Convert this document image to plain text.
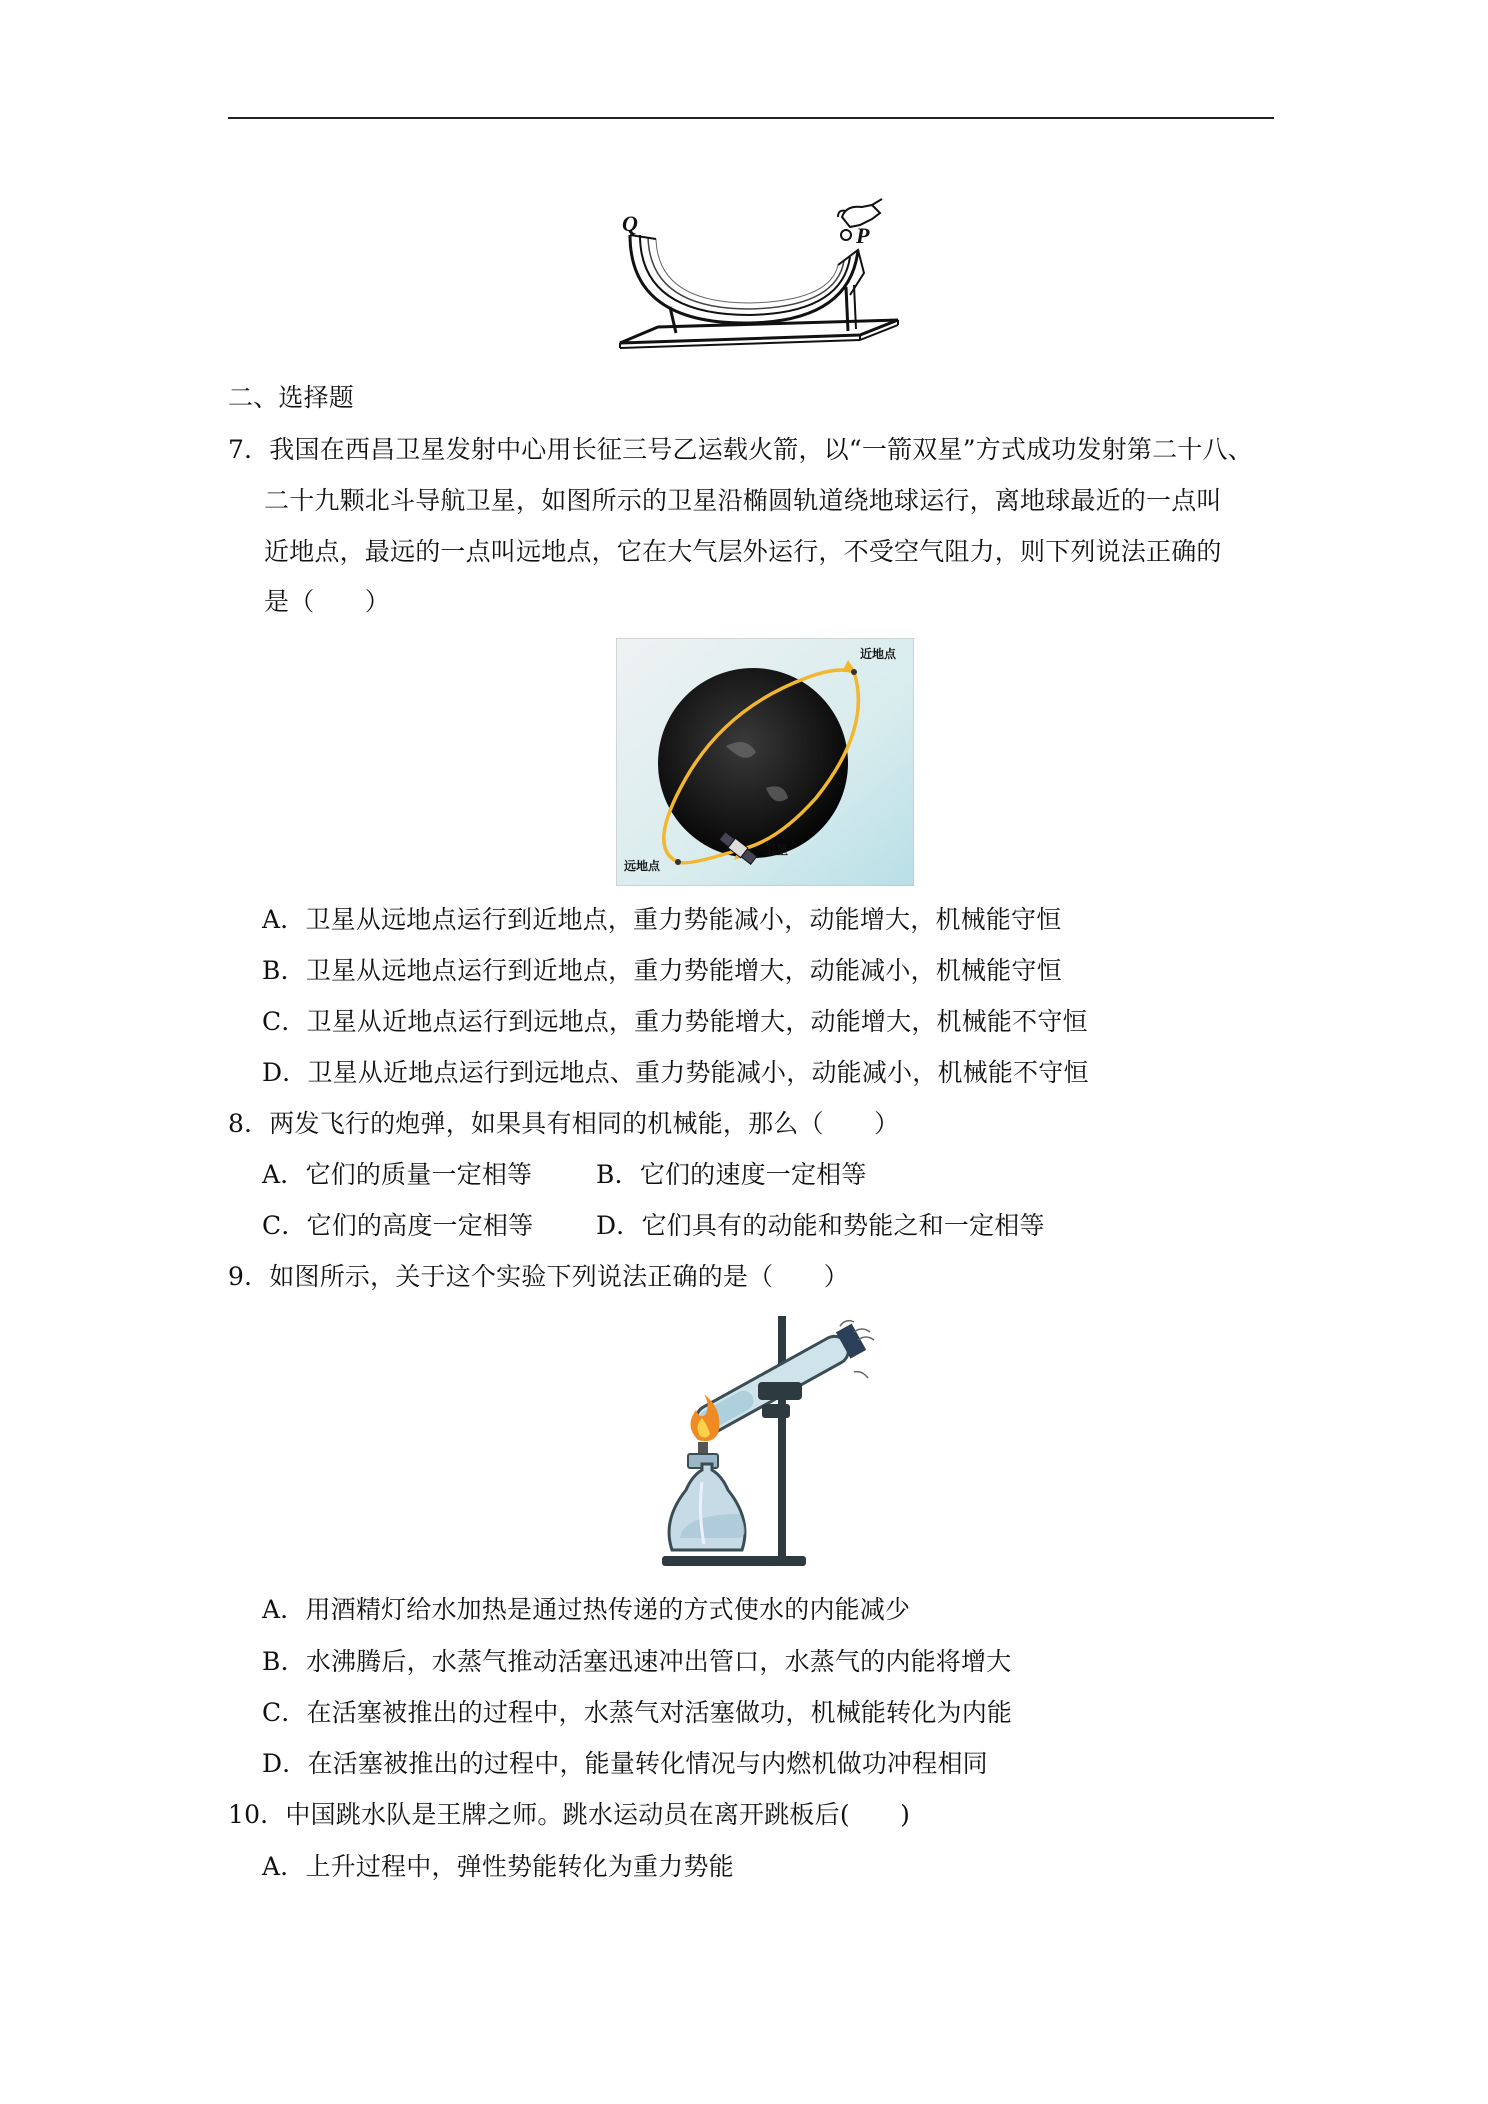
Q	P
二、选择题
7．我国在西昌卫星发射中心用长征三号乙运载火箭，以“一箭双星”方式成功发射第二十八、
二十九颗北斗导航卫星，如图所示的卫星沿椭圆轨道绕地球运行，离地球最近的一点叫
近地点，最远的一点叫远地点，它在大气层外运行，不受空气阻力，则下列说法正确的
是（　　）
近地点
远地点
卫星
A．卫星从远地点运行到近地点，重力势能减小，动能增大，机械能守恒
B．卫星从远地点运行到近地点，重力势能增大，动能减小，机械能守恒
C．卫星从近地点运行到远地点，重力势能增大，动能增大，机械能不守恒
D．卫星从近地点运行到远地点、重力势能减小，动能减小，机械能不守恒
8．两发飞行的炮弹，如果具有相同的机械能，那么（　　）
A．它们的质量一定相等	B．它们的速度一定相等
C．它们的高度一定相等	D．它们具有的动能和势能之和一定相等
9．如图所示，关于这个实验下列说法正确的是（　　）
A．用酒精灯给水加热是通过热传递的方式使水的内能减少
B．水沸腾后，水蒸气推动活塞迅速冲出管口，水蒸气的内能将增大
C．在活塞被推出的过程中，水蒸气对活塞做功，机械能转化为内能
D．在活塞被推出的过程中，能量转化情况与内燃机做功冲程相同
10．中国跳水队是王牌之师。跳水运动员在离开跳板后(　　)
A．上升过程中，弹性势能转化为重力势能
